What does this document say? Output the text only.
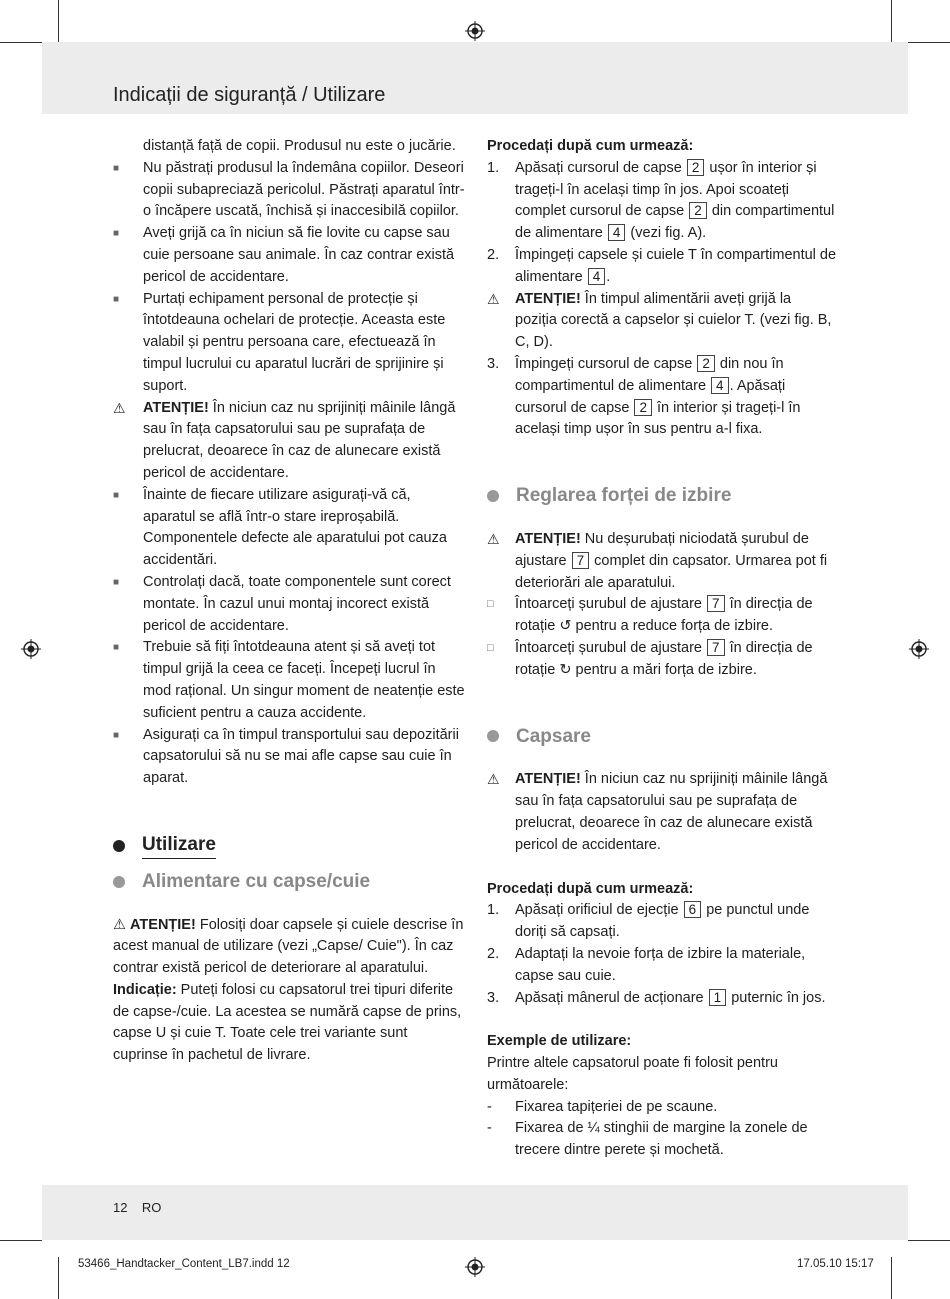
Indicații de siguranță / Utilizare

distanță față de copii. Produsul nu este o jucărie.

■	Nu păstrați produsul la îndemâna copiilor. Deseori copii subapreciază pericolul. Păstrați aparatul într-o încăpere uscată, închisă și inaccesibilă copiilor.

■	Aveți grijă ca în niciun să fie lovite cu capse sau cuie persoane sau animale. În caz contrar există pericol de accidentare.

■	Purtați echipament personal de protecție și întotdeauna ochelari de protecție. Aceasta este valabil și pentru persoana care, efectuează în timpul lucrului cu aparatul lucrări de sprijinire și suport.

⚠	ATENȚIE! În niciun caz nu sprijiniți mâinile lângă sau în fața capsatorului sau pe suprafața de prelucrat, deoarece în caz de alunecare există pericol de accidentare.

■	Înainte de fiecare utilizare asigurați-vă că, aparatul se află într-o stare ireproșabilă. Componentele defecte ale aparatului pot cauza accidentări.

■	Controlați dacă, toate componentele sunt corect montate. În cazul unui montaj incorect există pericol de accidentare.

■	Trebuie să fiți întotdeauna atent și să aveți tot timpul grijă la ceea ce faceți. Începeți lucrul în mod rațional. Un singur moment de neatenție este suficient pentru a cauza accidente.

■	Asigurați ca în timpul transportului sau depozitării capsatorului să nu se mai afle capse sau cuie în aparat.

Utilizare

Alimentare cu capse/cuie

⚠ ATENȚIE! Folosiți doar capsele și cuiele descrise în acest manual de utilizare (vezi „Capse/ Cuie"). În caz contrar există pericol de deteriorare al aparatului.

Indicație: Puteți folosi cu capsatorul trei tipuri diferite de capse-/cuie. La acestea se numără capse de prins, capse U și cuie T. Toate cele trei variante sunt cuprinse în pachetul de livrare.

Procedați după cum urmează:

1.	Apăsați cursorul de capse 2 ușor în interior și trageți-l în același timp în jos. Apoi scoateți complet cursorul de capse 2 din compartimentul de alimentare 4 (vezi fig. A).

2.	Împingeți capsele și cuiele T în compartimentul de alimentare 4 .

⚠	ATENȚIE! În timpul alimentării aveți grijă la poziția corectă a capselor și cuielor T. (vezi fig. B, C, D).

3.	Împingeți cursorul de capse 2 din nou în compartimentul de alimentare 4 . Apăsați cursorul de capse 2 în interior și trageți-l în același timp ușor în sus pentru a-l fixa.

Reglarea forței de izbire

⚠	ATENȚIE! Nu deșurubați niciodată șurubul de ajustare 7 complet din capsator. Urmarea pot fi deteriorări ale aparatului.

□	Întoarceți șurubul de ajustare 7 în direcția de rotație ↺ pentru a reduce forța de izbire.

□	Întoarceți șurubul de ajustare 7 în direcția de rotație ↻ pentru a mări forța de izbire.

Capsare

⚠	ATENȚIE! În niciun caz nu sprijiniți mâinile lângă sau în fața capsatorului sau pe suprafața de prelucrat, deoarece în caz de alunecare există pericol de accidentare.

Procedați după cum urmează:

1.	Apăsați orificiul de ejecție 6 pe punctul unde doriți să capsați.

2.	Adaptați la nevoie forța de izbire la materiale, capse sau cuie.

3.	Apăsați mânerul de acționare 1 puternic în jos.

Exemple de utilizare:

Printre altele capsatorul poate fi folosit pentru următoarele:

-	Fixarea tapițeriei de pe scaune.

-	Fixarea de ¼ stinghii de margine la zonele de trecere dintre perete și mochetă.

12 RO
53466_Handtacker_Content_LB7.indd 12	17.05.10 15:17
